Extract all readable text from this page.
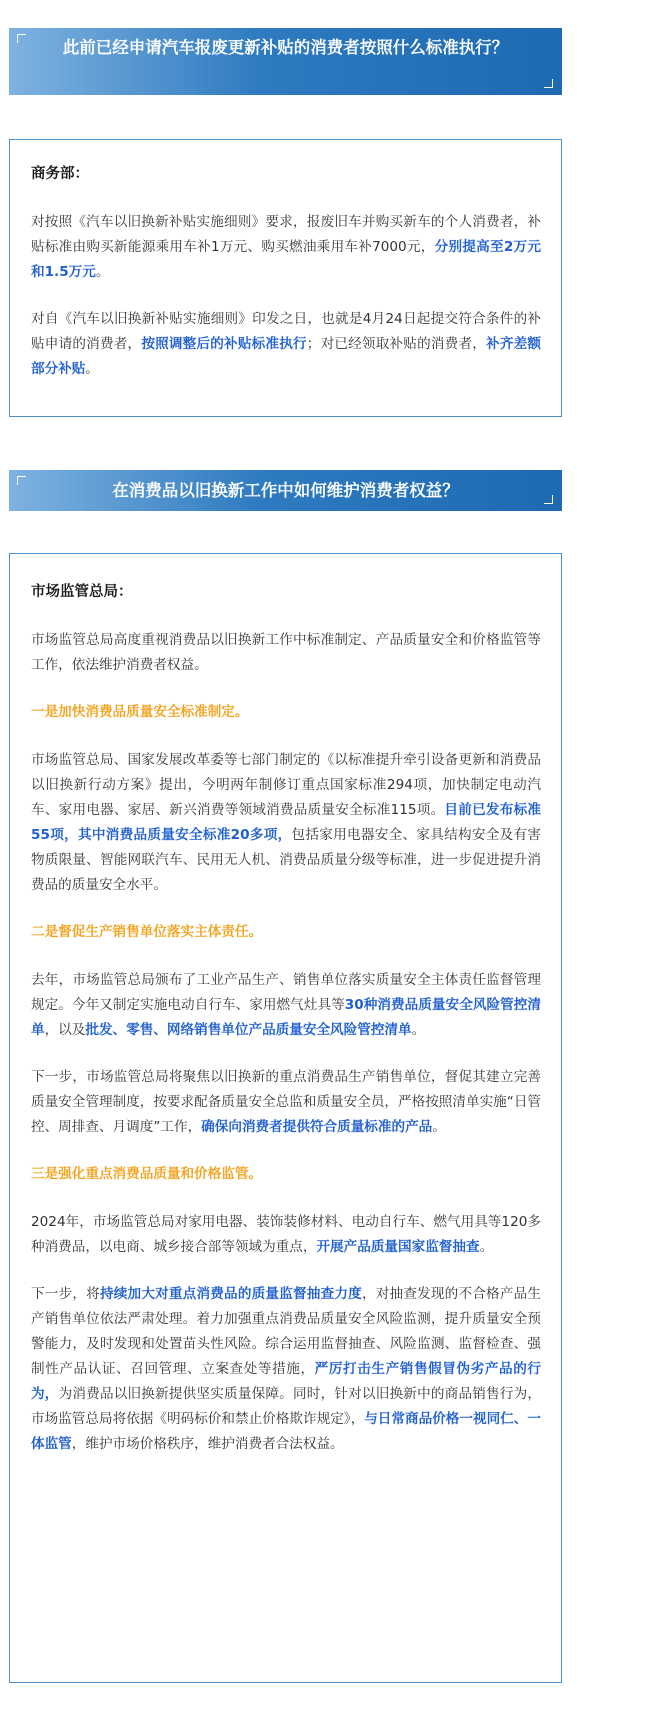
此前已经申请汽车报废更新补贴的消费者按照什么标准执行？

商务部：

对按照《汽车以旧换新补贴实施细则》要求，报废旧车并购买新车的个人消费者，补贴标准由购买新能源乘用车补1万元、购买燃油乘用车补7000元，分别提高至2万元和1.5万元。

对自《汽车以旧换新补贴实施细则》印发之日，也就是4月24日起提交符合条件的补贴申请的消费者，按照调整后的补贴标准执行；对已经领取补贴的消费者，补齐差额部分补贴。

在消费品以旧换新工作中如何维护消费者权益？

市场监管总局：

市场监管总局高度重视消费品以旧换新工作中标准制定、产品质量安全和价格监管等工作，依法维护消费者权益。

一是加快消费品质量安全标准制定。

市场监管总局、国家发展改革委等七部门制定的《以标准提升牵引设备更新和消费品以旧换新行动方案》提出，今明两年制修订重点国家标准294项，加快制定电动汽车、家用电器、家居、新兴消费等领域消费品质量安全标准115项。目前已发布标准55项，其中消费品质量安全标准20多项，包括家用电器安全、家具结构安全及有害物质限量、智能网联汽车、民用无人机、消费品质量分级等标准，进一步促进提升消费品的质量安全水平。

二是督促生产销售单位落实主体责任。

去年，市场监管总局颁布了工业产品生产、销售单位落实质量安全主体责任监督管理规定。今年又制定实施电动自行车、家用燃气灶具等30种消费品质量安全风险管控清单，以及批发、零售、网络销售单位产品质量安全风险管控清单。

下一步，市场监管总局将聚焦以旧换新的重点消费品生产销售单位，督促其建立完善质量安全管理制度，按要求配备质量安全总监和质量安全员，严格按照清单实施“日管控、周排查、月调度”工作，确保向消费者提供符合质量标准的产品。

三是强化重点消费品质量和价格监管。

2024年，市场监管总局对家用电器、装饰装修材料、电动自行车、燃气用具等120多种消费品，以电商、城乡接合部等领域为重点，开展产品质量国家监督抽查。

下一步，将持续加大对重点消费品的质量监督抽查力度，对抽查发现的不合格产品生产销售单位依法严肃处理。着力加强重点消费品质量安全风险监测，提升质量安全预警能力，及时发现和处置苗头性风险。综合运用监督抽查、风险监测、监督检查、强制性产品认证、召回管理、立案查处等措施，严厉打击生产销售假冒伪劣产品的行为，为消费品以旧换新提供坚实质量保障。同时，针对以旧换新中的商品销售行为，市场监管总局将依据《明码标价和禁止价格欺诈规定》，与日常商品价格一视同仁、一体监管，维护市场价格秩序，维护消费者合法权益。
